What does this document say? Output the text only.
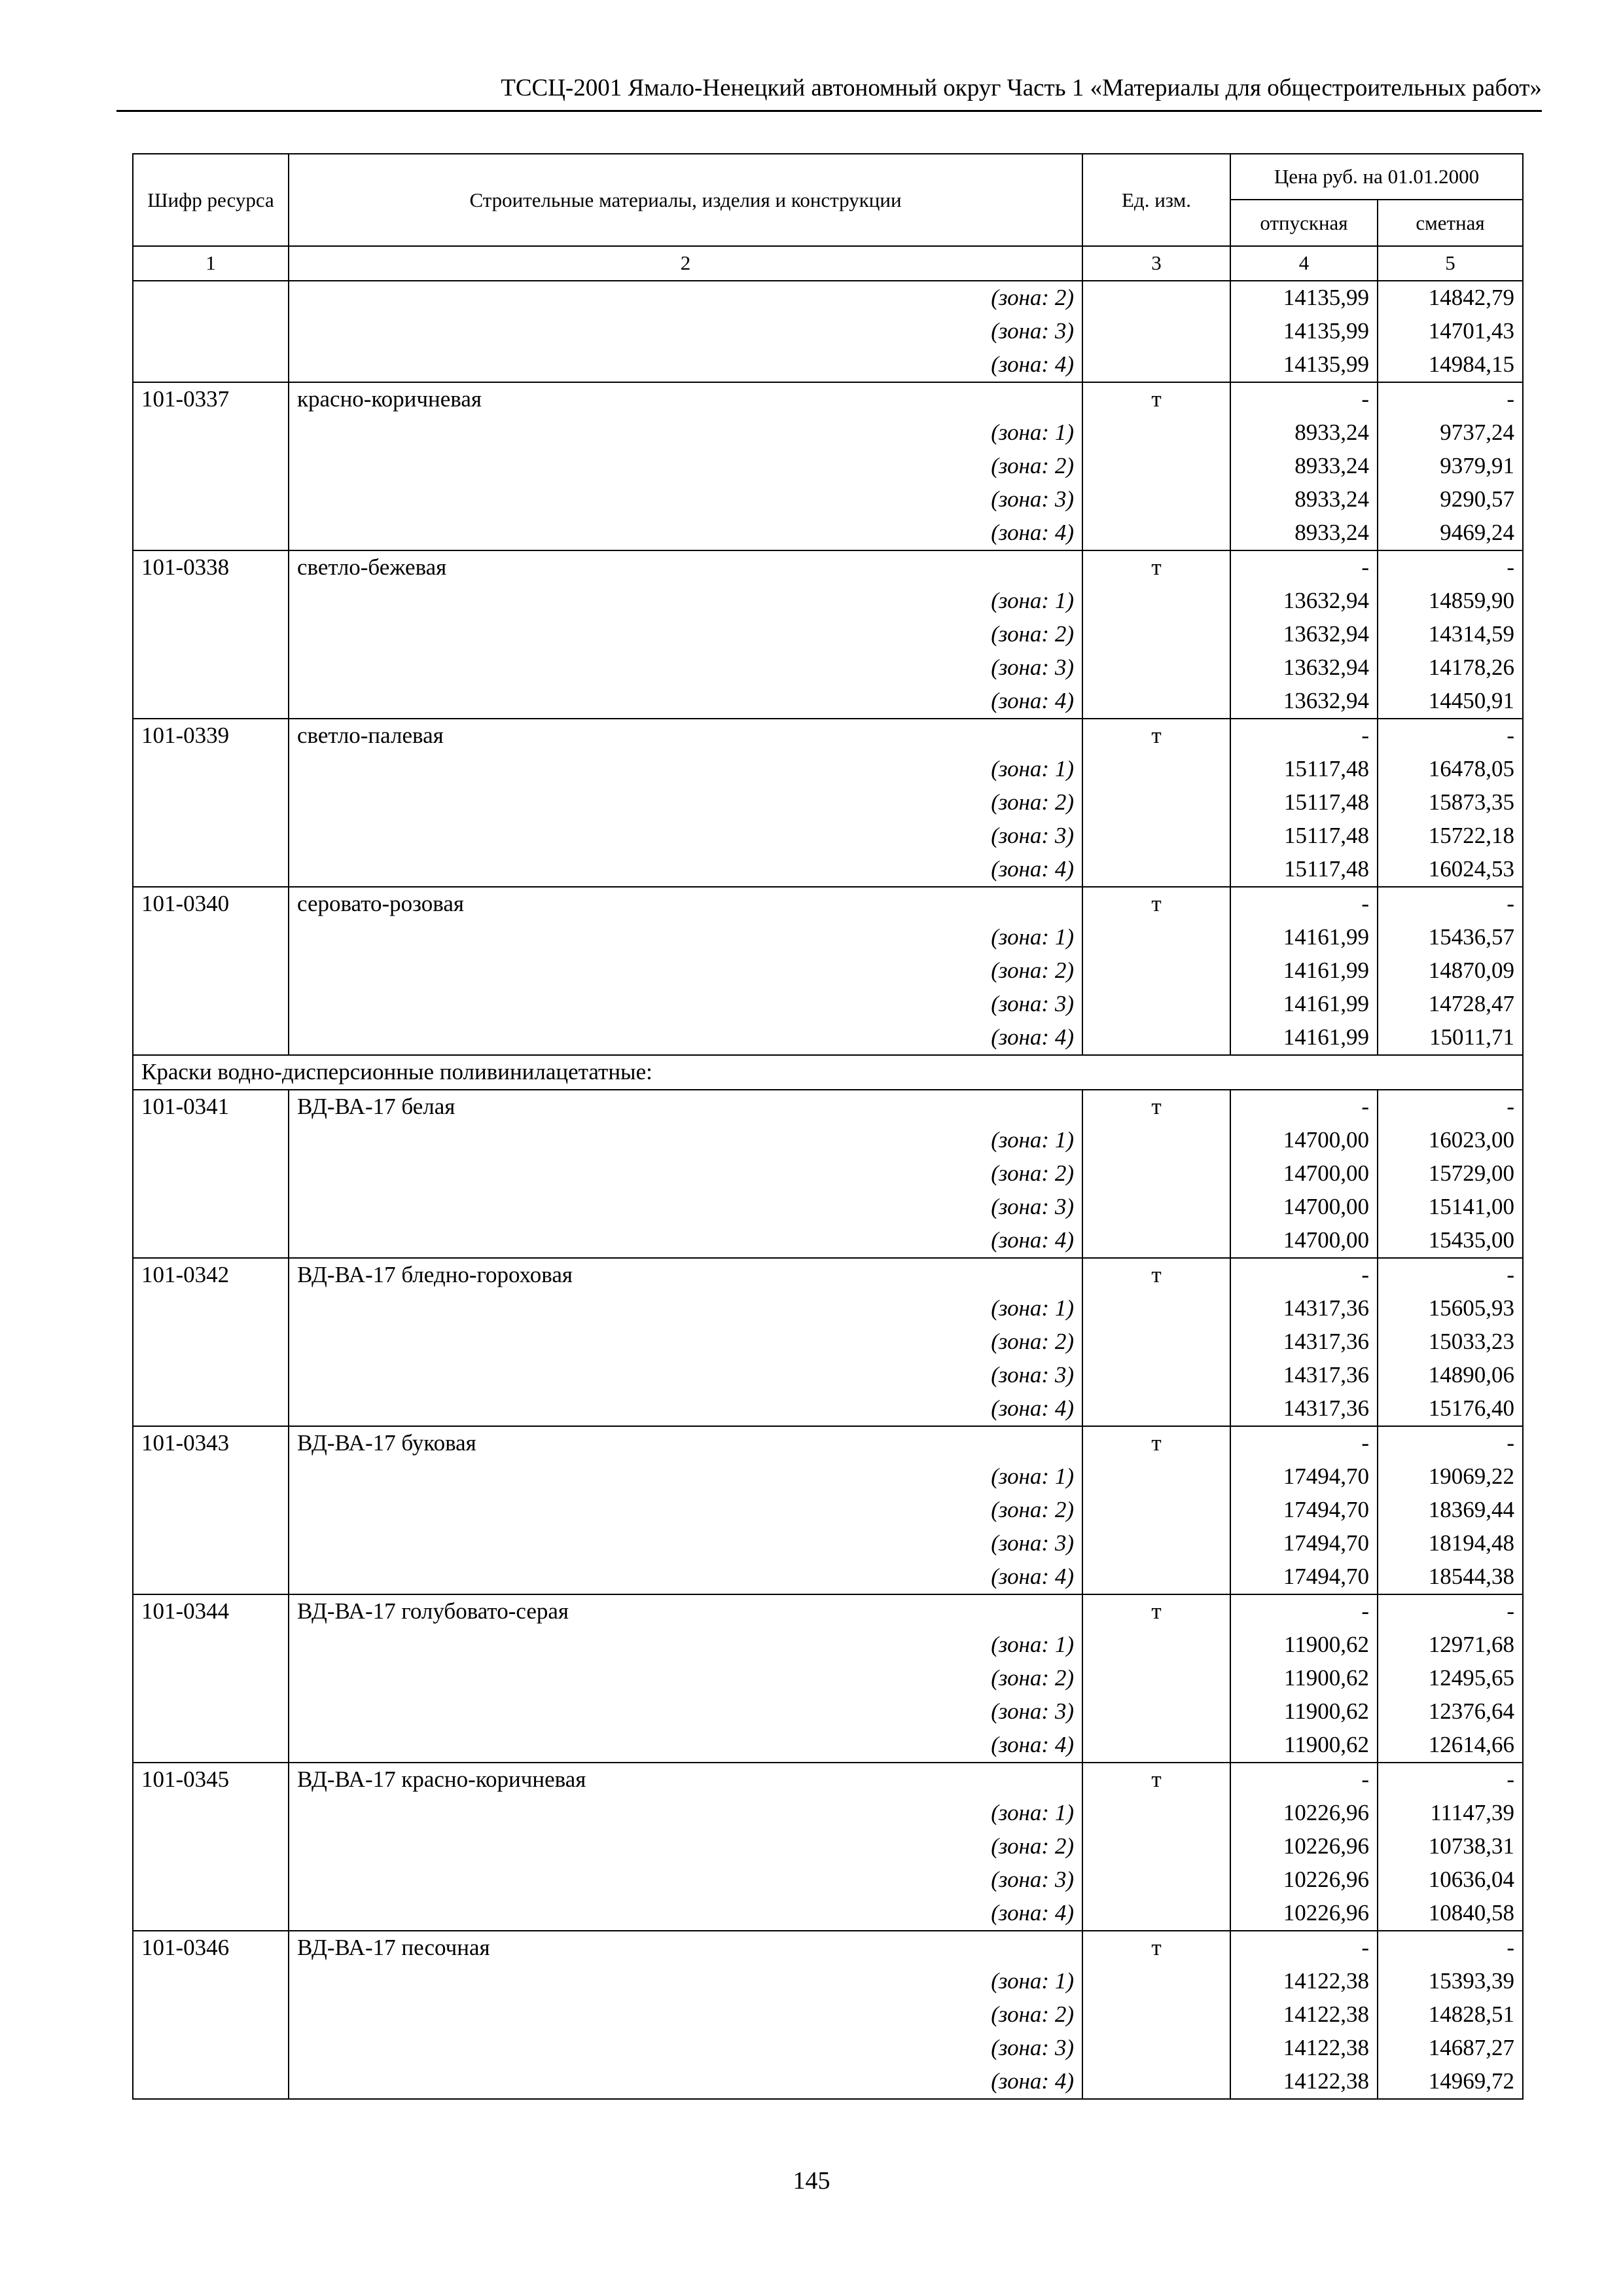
ТССЦ-2001 Ямало-Ненецкий автономный округ Часть 1 «Материалы для общестроительных работ»
Шифр ресурса	Строительные материалы, изделия и конструкции	Ед. изм.	Цена руб. на 01.01.2000	
			отпускная	сметная
1	2	3	4	5
	(зона: 2)		14135,99	14842,79
	(зона: 3)		14135,99	14701,43
	(зона: 4)		14135,99	14984,15
101-0337	красно-коричневая	т	-	-
	(зона: 1)		8933,24	9737,24
	(зона: 2)		8933,24	9379,91
	(зона: 3)		8933,24	9290,57
	(зона: 4)		8933,24	9469,24
101-0338	светло-бежевая	т	-	-
	(зона: 1)		13632,94	14859,90
	(зона: 2)		13632,94	14314,59
	(зона: 3)		13632,94	14178,26
	(зона: 4)		13632,94	14450,91
101-0339	светло-палевая	т	-	-
	(зона: 1)		15117,48	16478,05
	(зона: 2)		15117,48	15873,35
	(зона: 3)		15117,48	15722,18
	(зона: 4)		15117,48	16024,53
101-0340	серовато-розовая	т	-	-
	(зона: 1)		14161,99	15436,57
	(зона: 2)		14161,99	14870,09
	(зона: 3)		14161,99	14728,47
	(зона: 4)		14161,99	15011,71
Краски водно-дисперсионные поливинилацетатные:				
101-0341	ВД-ВА-17 белая	т	-	-
	(зона: 1)		14700,00	16023,00
	(зона: 2)		14700,00	15729,00
	(зона: 3)		14700,00	15141,00
	(зона: 4)		14700,00	15435,00
101-0342	ВД-ВА-17 бледно-гороховая	т	-	-
	(зона: 1)		14317,36	15605,93
	(зона: 2)		14317,36	15033,23
	(зона: 3)		14317,36	14890,06
	(зона: 4)		14317,36	15176,40
101-0343	ВД-ВА-17 буковая	т	-	-
	(зона: 1)		17494,70	19069,22
	(зона: 2)		17494,70	18369,44
	(зона: 3)		17494,70	18194,48
	(зона: 4)		17494,70	18544,38
101-0344	ВД-ВА-17 голубовато-серая	т	-	-
	(зона: 1)		11900,62	12971,68
	(зона: 2)		11900,62	12495,65
	(зона: 3)		11900,62	12376,64
	(зона: 4)		11900,62	12614,66
101-0345	ВД-ВА-17 красно-коричневая	т	-	-
	(зона: 1)		10226,96	11147,39
	(зона: 2)		10226,96	10738,31
	(зона: 3)		10226,96	10636,04
	(зона: 4)		10226,96	10840,58
101-0346	ВД-ВА-17 песочная	т	-	-
	(зона: 1)		14122,38	15393,39
	(зона: 2)		14122,38	14828,51
	(зона: 3)		14122,38	14687,27
	(зона: 4)		14122,38	14969,72
145
